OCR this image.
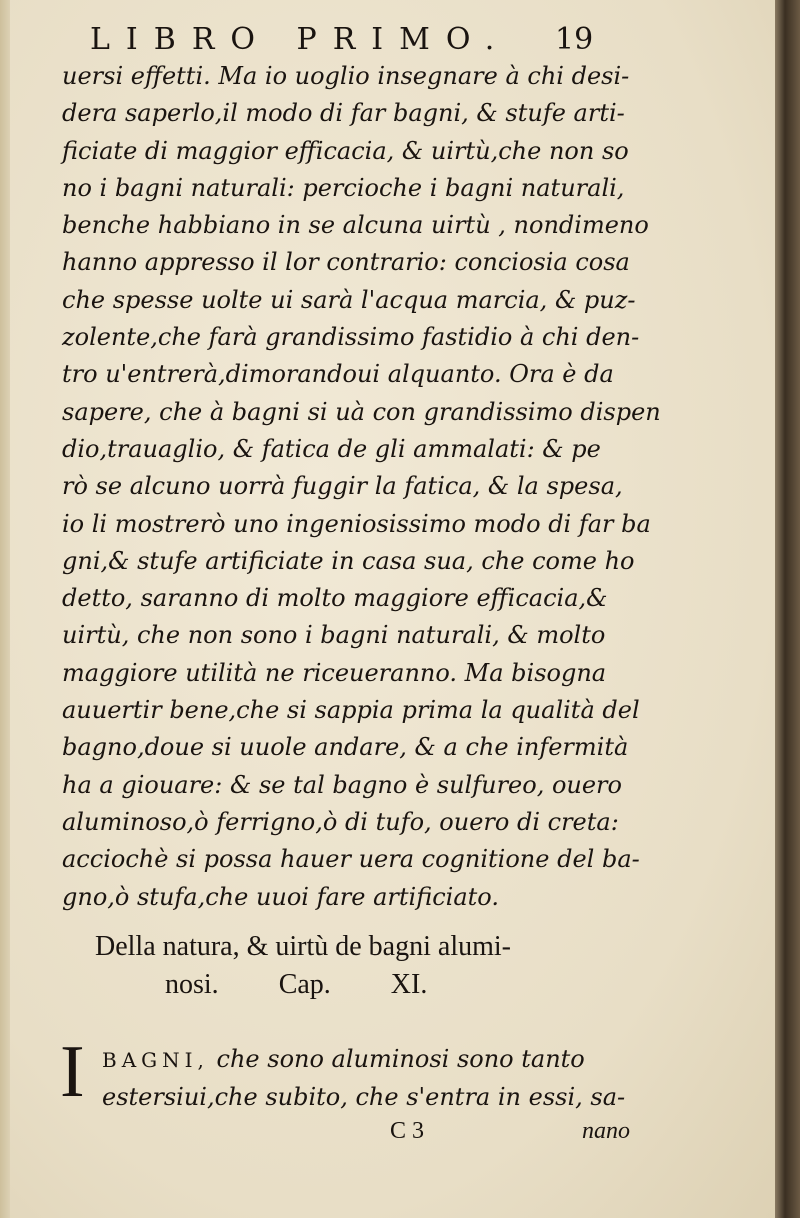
LIBRO PRIMO.	19
uersi effetti. Ma io uoglio insegnare à chi desi-
dera saperlo,il modo di far bagni, & stufe arti-
ficiate di maggior efficacia, & uirtù,che non so
no i bagni naturali: percioche i bagni naturali,
benche habbiano in se alcuna uirtù , nondimeno
hanno appresso il lor contrario: conciosia cosa
che spesse uolte ui sarà l'acqua marcia, & puz-
zolente,che farà grandissimo fastidio à chi den-
tro u'entrerà,dimorandoui alquanto. Ora è da
sapere, che à bagni si uà con grandissimo dispen
dio,trauaglio, & fatica de gli ammalati: & pe
rò se alcuno uorrà fuggir la fatica, & la spesa,
io li mostrerò uno ingeniosissimo modo di far ba
gni,& stufe artificiate in casa sua, che come ho
detto, saranno di molto maggiore efficacia,&
uirtù, che non sono i bagni naturali, & molto
maggiore utilità ne riceueranno. Ma bisogna
auuertir bene,che si sappia prima la qualità del
bagno,doue si uuole andare, & a che infermità
ha a giouare: & se tal bagno è sulfureo, ouero
aluminoso,ò ferrigno,ò di tufo, ouero di creta:
acciochè si possa hauer uera cognitione del ba-
gno,ò stufa,che uuoi fare artificiato.
Della natura, & uirtù de bagni alumi-
nosi. Cap. XI.
I BAGNI, che sono aluminosi sono tanto
estersiui,che subito, che s'entra in essi, sa-
C 3	nano
